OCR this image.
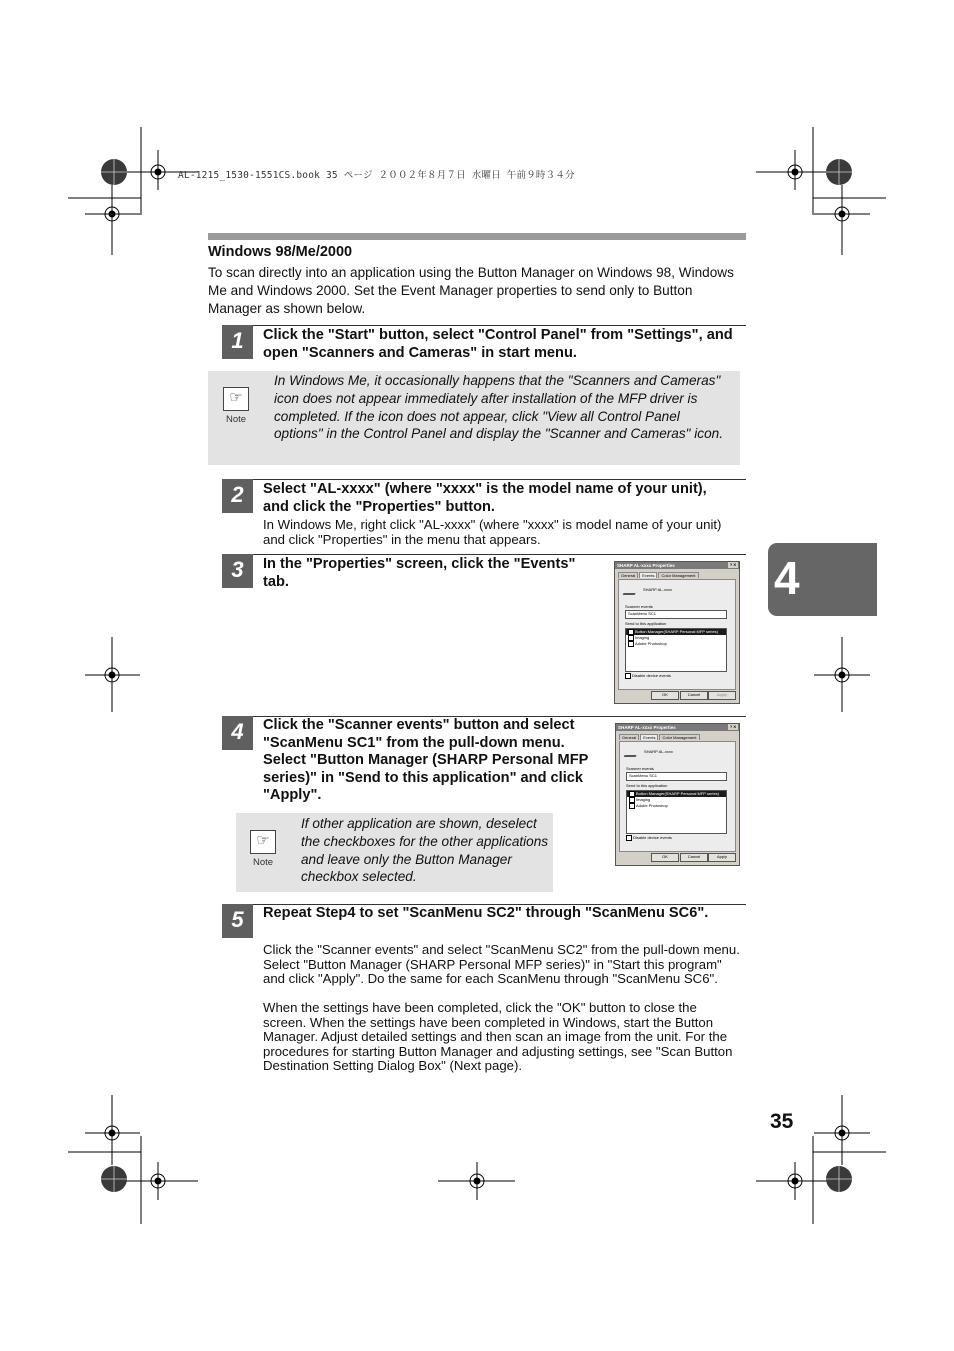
AL-1215_1530-1551CS.book 35 ページ ２００２年８月７日 水曜日 午前９時３４分
Windows 98/Me/2000
To scan directly into an application using the Button Manager on Windows 98, Windows Me and Windows 2000. Set the Event Manager properties to send only to Button Manager as shown below.
1	Click the "Start" button, select "Control Panel" from "Settings", and open "Scanners and Cameras" in start menu.
☞
Note
In Windows Me, it occasionally happens that the "Scanners and Cameras" icon does not appear immediately after installation of the MFP driver is completed. If the icon does not appear, click "View all Control Panel options" in the Control Panel and display the "Scanner and Cameras" icon.
2	Select "AL-xxxx" (where "xxxx" is the model name of your unit), and click the "Properties" button.
In Windows Me, right click "AL-xxxx" (where "xxxx" is model name of your unit) and click "Properties" in the menu that appears.
3	In the "Properties" screen, click the "Events" tab.
SHARP AL-xxxx Properties	? X
General	Events	Color Management
SHARP AL-xxxx
Scanner events
ScanMenu SC1
Send to this application
Button Manager(SHARP Personal MFP series)
Imaging
Adobe Photoshop
Disable device events
OK	Cancel	Apply
4	Click the "Scanner events" button and select "ScanMenu SC1" from the pull-down menu. Select "Button Manager (SHARP Personal MFP series)" in "Send to this application" and click "Apply".
☞
Note
If other application are shown, deselect the checkboxes for the other applications and leave only the Button Manager checkbox selected.
SHARP AL-xxxx Properties	? X
General	Events	Color Management
SHARP AL-xxxx
Scanner events
ScanMenu SC1
Send to this application
Button Manager(SHARP Personal MFP series)
Imaging
Adobe Photoshop
Disable device events
OK	Cancel	Apply
5	Repeat Step4 to set "ScanMenu SC2" through "ScanMenu SC6".
Click the "Scanner events" and select "ScanMenu SC2" from the pull-down menu. Select "Button Manager (SHARP Personal MFP series)" in "Start this program" and click "Apply". Do the same for each ScanMenu through "ScanMenu SC6".
When the settings have been completed, click the "OK" button to close the screen. When the settings have been completed in Windows, start the Button Manager. Adjust detailed settings and then scan an image from the unit. For the procedures for starting Button Manager and adjusting settings, see "Scan Button Destination Setting Dialog Box" (Next page).
4
35
